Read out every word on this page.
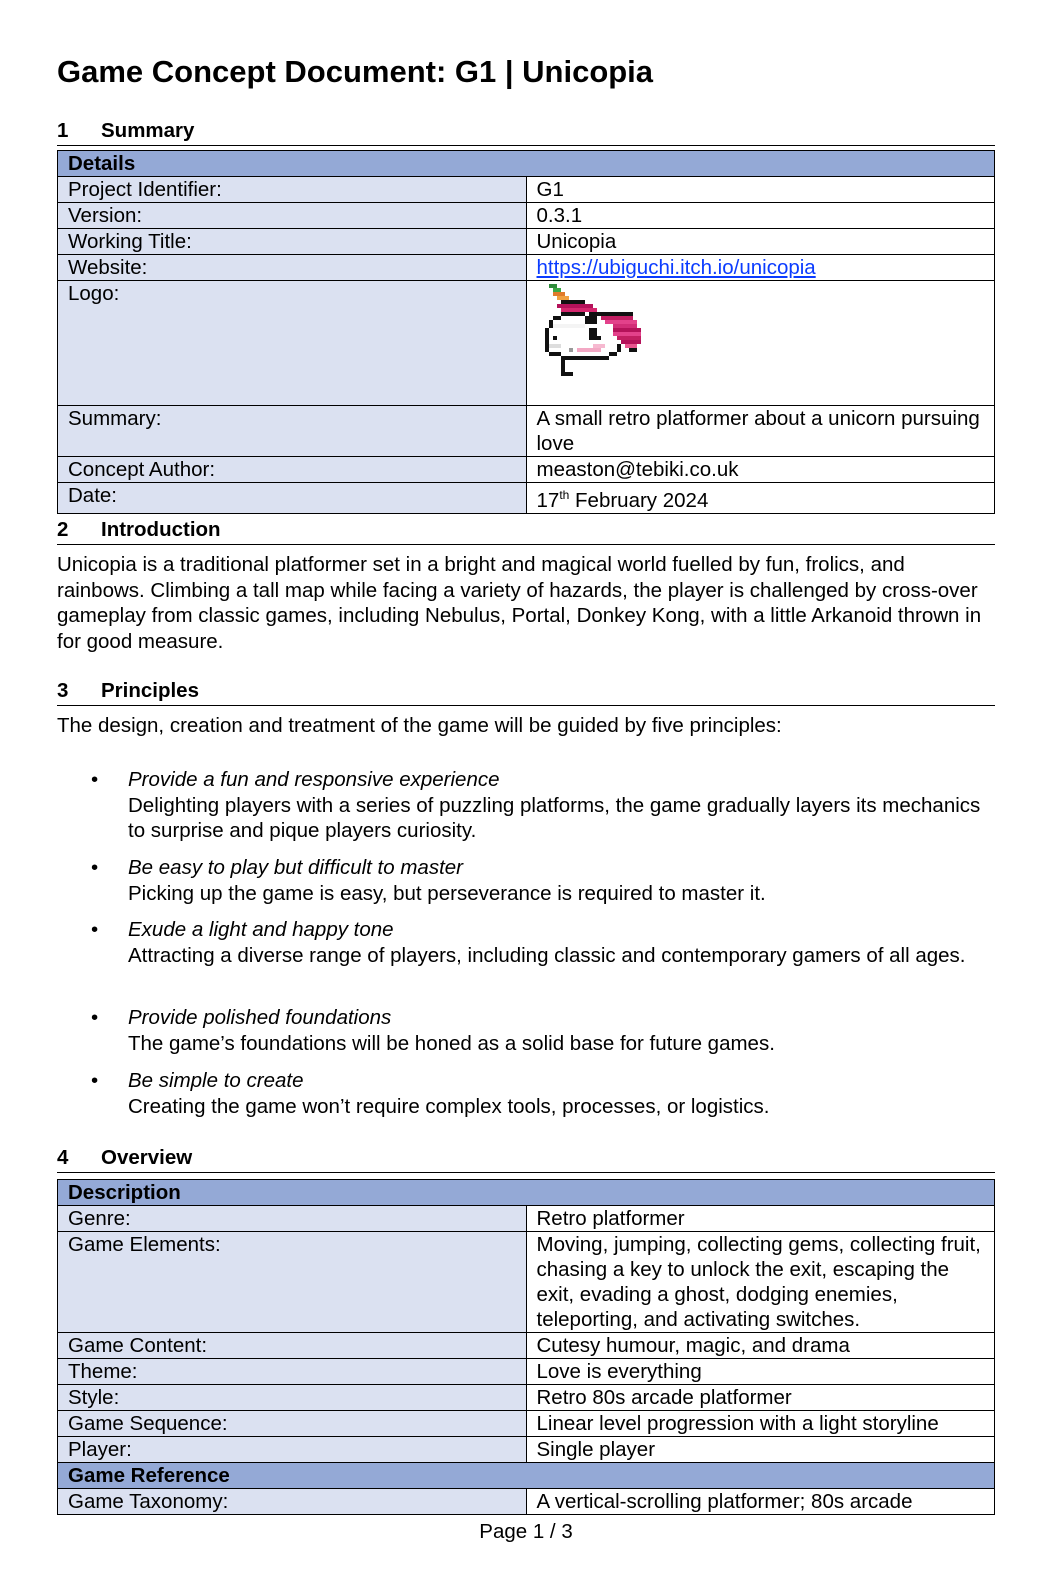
Game Concept Document: G1 | Unicopia
1 Summary
Details	
Project Identifier:	G1
Version:	0.3.1
Working Title:	Unicopia
Website:	https://ubiguchi.itch.io/unicopia
Logo:	

Summary:	A small retro platformer about a unicorn pursuing love
Concept Author:	measton@tebiki.co.uk
Date:	17th February 2024
2 Introduction

Unicopia is a traditional platformer set in a bright and magical world fuelled by fun, frolics, and rainbows. Climbing a tall map while facing a variety of hazards, the player is challenged by cross-over gameplay from classic games, including Nebulus, Portal, Donkey Kong, with a little Arkanoid thrown in for good measure.

3 Principles

The design, creation and treatment of the game will be guided by five principles:

• Provide a fun and responsive experience
Delighting players with a series of puzzling platforms, the game gradually layers its mechanics to surprise and pique players curiosity.
• Be easy to play but difficult to master
Picking up the game is easy, but perseverance is required to master it.
• Exude a light and happy tone
Attracting a diverse range of players, including classic and contemporary gamers of all ages.
• Provide polished foundations
The game’s foundations will be honed as a solid base for future games.
• Be simple to create
Creating the game won’t require complex tools, processes, or logistics.
4 Overview
Description	
Genre:	Retro platformer
Game Elements:	Moving, jumping, collecting gems, collecting fruit, chasing a key to unlock the exit, escaping the exit, evading a ghost, dodging enemies, teleporting, and activating switches.
Game Content:	Cutesy humour, magic, and drama
Theme:	Love is everything
Style:	Retro 80s arcade platformer
Game Sequence:	Linear level progression with a light storyline
Player:	Single player
Game Reference	
Game Taxonomy:	A vertical-scrolling platformer; 80s arcade
Page 1 / 3
